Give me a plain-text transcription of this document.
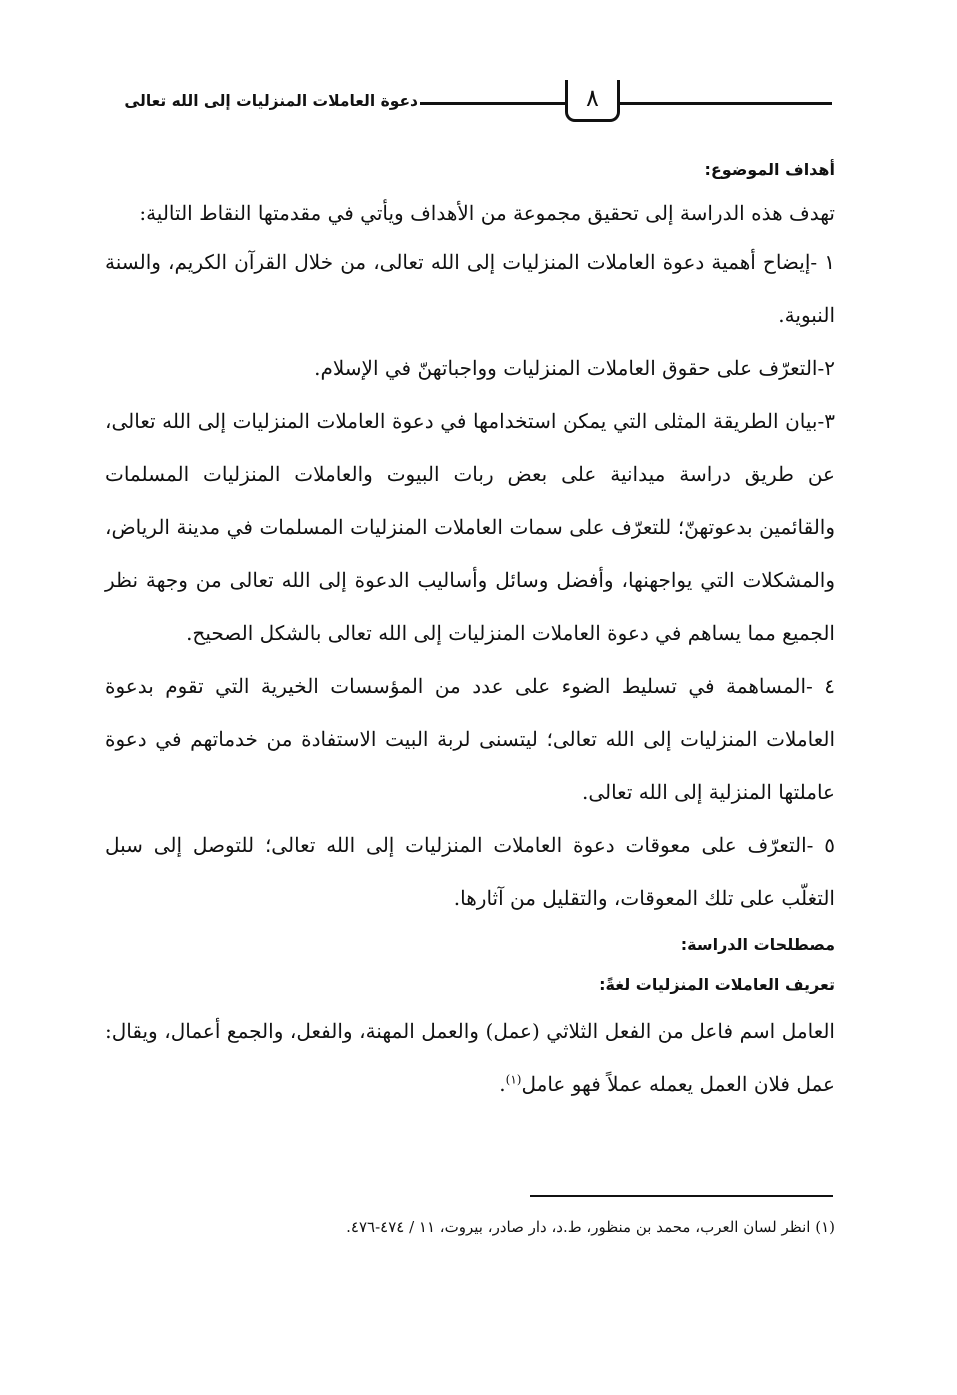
٨
دعوة العاملات المنزليات إلى الله تعالى
أهداف الموضوع:

تهدف هذه الدراسة إلى تحقيق مجموعة من الأهداف ويأتي في مقدمتها النقاط التالية:

١ -إيضاح أهمية دعوة العاملات المنزليات إلى الله تعالى، من خلال القرآن الكريم، والسنة النبوية.

٢-التعرّف على حقوق العاملات المنزليات وواجباتهنّ في الإسلام.

٣-بيان الطريقة المثلى التي يمكن استخدامها في دعوة العاملات المنزليات إلى الله تعالى، عن طريق دراسة ميدانية على بعض ربات البيوت والعاملات المنزليات المسلمات والقائمين بدعوتهنّ؛ للتعرّف على سمات العاملات المنزليات المسلمات في مدينة الرياض، والمشكلات التي يواجهنها، وأفضل وسائل وأساليب الدعوة إلى الله تعالى من وجهة نظر الجميع مما يساهم في دعوة العاملات المنزليات إلى الله تعالى بالشكل الصحيح.

٤ -المساهمة في تسليط الضوء على عدد من المؤسسات الخيرية التي تقوم بدعوة العاملات المنزليات إلى الله تعالى؛ ليتسنى لربة البيت الاستفادة من خدماتهم في دعوة عاملتها المنزلية إلى الله تعالى.

٥ -التعرّف على معوقات دعوة العاملات المنزليات إلى الله تعالى؛ للتوصل إلى سبل التغلّب على تلك المعوقات، والتقليل من آثارها.

مصطلحات الدراسة:
تعريف العاملات المنزليات لغةً:

العامل اسم فاعل من الفعل الثلاثي (عمل) والعمل المهنة، والفعل، والجمع أعمال، ويقال: عمل فلان العمل يعمله عملاً فهو عامل$^{(١)}$.

(١) انظر لسان العرب، محمد بن منظور، ط.د، دار صادر، بيروت، ١١ / ٤٧٤-٤٧٦.
